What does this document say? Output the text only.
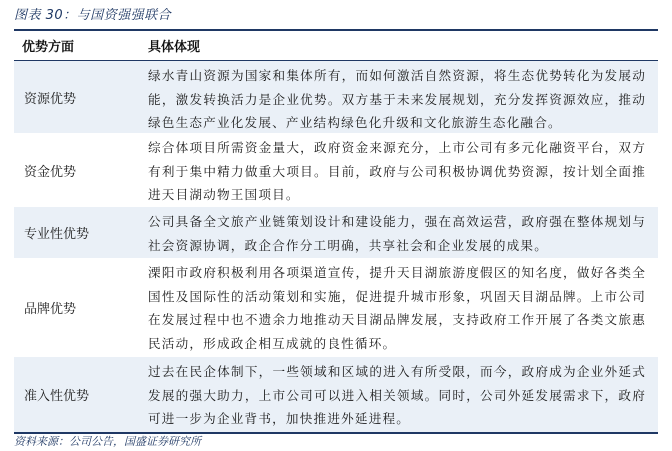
图表 30：与国资强强联合
优势方面	具体体现
资源优势
绿水青山资源为国家和集体所有，而如何激活自然资源，将生态优势转化为发展动能，激发转换活力是企业优势。双方基于未来发展规划，充分发挥资源效应，推动绿色生态产业化发展、产业结构绿色化升级和文化旅游生态化融合。
资金优势
综合体项目所需资金量大，政府资金来源充分，上市公司有多元化融资平台，双方有利于集中精力做重大项目。目前，政府与公司积极协调优势资源，按计划全面推进天目湖动物王国项目。
专业性优势
公司具备全文旅产业链策划设计和建设能力，强在高效运营，政府强在整体规划与社会资源协调，政企合作分工明确，共享社会和企业发展的成果。
品牌优势
溧阳市政府积极利用各项渠道宣传，提升天目湖旅游度假区的知名度，做好各类全国性及国际性的活动策划和实施，促进提升城市形象，巩固天目湖品牌。上市公司在发展过程中也不遗余力地推动天目湖品牌发展，支持政府工作开展了各类文旅惠民活动，形成政企相互成就的良性循环。
准入性优势
过去在民企体制下，一些领域和区域的进入有所受限，而今，政府成为企业外延式发展的强大助力，上市公司可以进入相关领域。同时，公司外延发展需求下，政府可进一步为企业背书，加快推进外延进程。
资料来源：公司公告，国盛证券研究所
